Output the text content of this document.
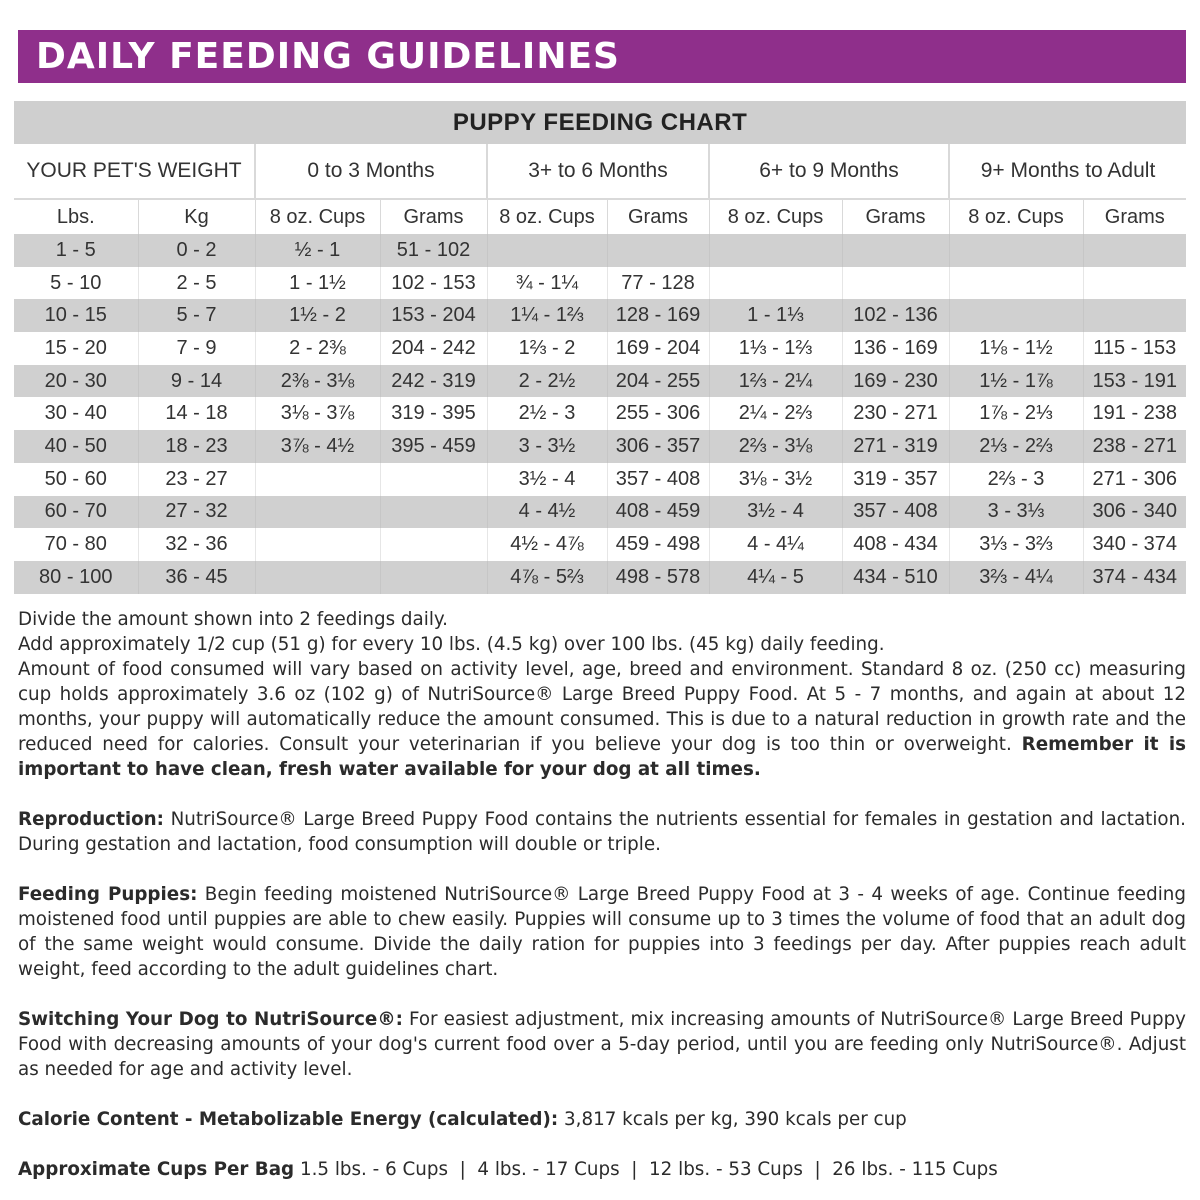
DAILY FEEDING GUIDELINES
PUPPY FEEDING CHART									
YOUR PET'S WEIGHT		0 to 3 Months		3+ to 6 Months		6+ to 9 Months		9+ Months to Adult	
Lbs.	Kg	8 oz. Cups	Grams	8 oz. Cups	Grams	8 oz. Cups	Grams	8 oz. Cups	Grams
1 - 5	0 - 2	½ - 1	51 - 102						
5 - 10	2 - 5	1 - 1½	102 - 153	¾ - 1¼	77 - 128				
10 - 15	5 - 7	1½ - 2	153 - 204	1¼ - 1⅔	128 - 169	1 - 1⅓	102 - 136		
15 - 20	7 - 9	2 - 2⅜	204 - 242	1⅔ - 2	169 - 204	1⅓ - 1⅔	136 - 169	1⅛ - 1½	115 - 153
20 - 30	9 - 14	2⅜ - 3⅛	242 - 319	2 - 2½	204 - 255	1⅔ - 2¼	169 - 230	1½ - 1⅞	153 - 191
30 - 40	14 - 18	3⅛ - 3⅞	319 - 395	2½ - 3	255 - 306	2¼ - 2⅔	230 - 271	1⅞ - 2⅓	191 - 238
40 - 50	18 - 23	3⅞ - 4½	395 - 459	3 - 3½	306 - 357	2⅔ - 3⅛	271 - 319	2⅓ - 2⅔	238 - 271
50 - 60	23 - 27			3½ - 4	357 - 408	3⅛ - 3½	319 - 357	2⅔ - 3	271 - 306
60 - 70	27 - 32			4 - 4½	408 - 459	3½ - 4	357 - 408	3 - 3⅓	306 - 340
70 - 80	32 - 36			4½ - 4⅞	459 - 498	4 - 4¼	408 - 434	3⅓ - 3⅔	340 - 374
80 - 100	36 - 45			4⅞ - 5⅔	498 - 578	4¼ - 5	434 - 510	3⅔ - 4¼	374 - 434

Divide the amount shown into 2 feedings daily.

Add approximately 1/2 cup (51 g) for every 10 lbs. (4.5 kg) over 100 lbs. (45 kg) daily feeding.

Amount of food consumed will vary based on activity level, age, breed and environment. Standard 8 oz. (250 cc) measuring cup holds approximately 3.6 oz (102 g) of NutriSource® Large Breed Puppy Food. At 5 - 7 months, and again at about 12 months, your puppy will automatically reduce the amount consumed. This is due to a natural reduction in growth rate and the reduced need for calories. Consult your veterinarian if you believe your dog is too thin or overweight. Remember it is important to have clean, fresh water available for your dog at all times.

Reproduction: NutriSource® Large Breed Puppy Food contains the nutrients essential for females in gestation and lactation. During gestation and lactation, food consumption will double or triple.

Feeding Puppies: Begin feeding moistened NutriSource® Large Breed Puppy Food at 3 - 4 weeks of age. Continue feeding moistened food until puppies are able to chew easily. Puppies will consume up to 3 times the volume of food that an adult dog of the same weight would consume. Divide the daily ration for puppies into 3 feedings per day. After puppies reach adult weight, feed according to the adult guidelines chart.

Switching Your Dog to NutriSource®: For easiest adjustment, mix increasing amounts of NutriSource® Large Breed Puppy Food with decreasing amounts of your dog's current food over a 5-day period, until you are feeding only NutriSource®. Adjust as needed for age and activity level.

Calorie Content - Metabolizable Energy (calculated): 3,817 kcals per kg, 390 kcals per cup

Approximate Cups Per Bag 1.5 lbs. - 6 Cups  |  4 lbs. - 17 Cups  |  12 lbs. - 53 Cups  |  26 lbs. - 115 Cups
